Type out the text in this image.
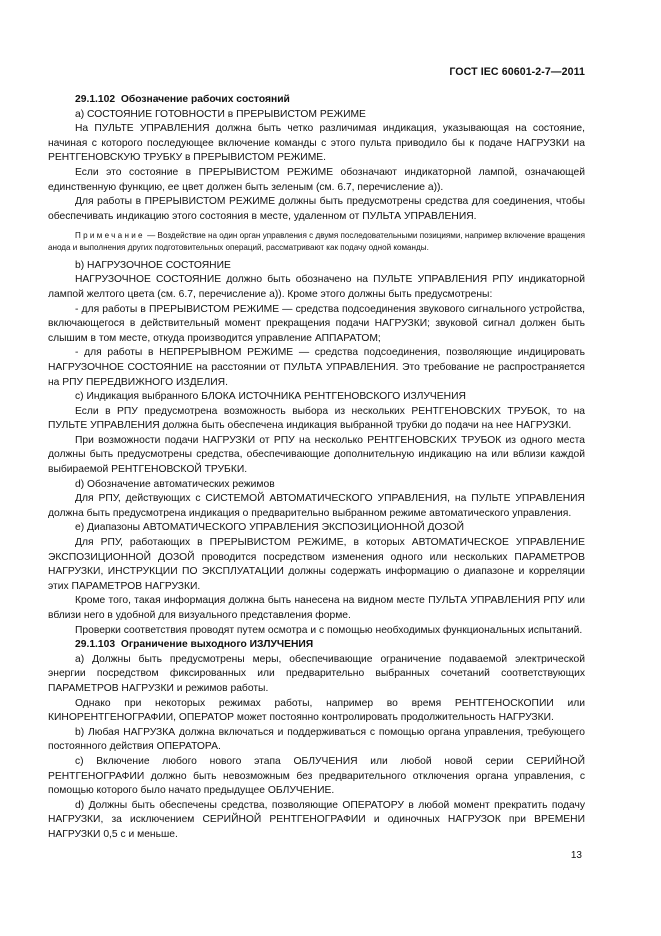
ГОСТ IEC 60601-2-7—2011

29.1.102 Обозначение рабочих состояний

а) СОСТОЯНИЕ ГОТОВНОСТИ в ПРЕРЫВИСТОМ РЕЖИМЕ

На ПУЛЬТЕ УПРАВЛЕНИЯ должна быть четко различимая индикация, указывающая на состояние, начиная с которого последующее включение команды с этого пульта приводило бы к подаче НАГРУЗКИ на РЕНТГЕНОВСКУЮ ТРУБКУ в ПРЕРЫВИСТОМ РЕЖИМЕ.

Если это состояние в ПРЕРЫВИСТОМ РЕЖИМЕ обозначают индикаторной лампой, означающей единственную функцию, ее цвет должен быть зеленым (см. 6.7, перечисление а)).

Для работы в ПРЕРЫВИСТОМ РЕЖИМЕ должны быть предусмотрены средства для соединения, чтобы обеспечивать индикацию этого состояния в месте, удаленном от ПУЛЬТА УПРАВЛЕНИЯ.

Примечание — Воздействие на один орган управления с двумя последовательными позициями, например включение вращения анода и выполнения других подготовительных операций, рассматривают как подачу одной команды.

b) НАГРУЗОЧНОЕ СОСТОЯНИЕ

НАГРУЗОЧНОЕ СОСТОЯНИЕ должно быть обозначено на ПУЛЬТЕ УПРАВЛЕНИЯ РПУ индикаторной лампой желтого цвета (см. 6.7, перечисление а)). Кроме этого должны быть предусмотрены:

- для работы в ПРЕРЫВИСТОМ РЕЖИМЕ — средства подсоединения звукового сигнального устройства, включающегося в действительный момент прекращения подачи НАГРУЗКИ; звуковой сигнал должен быть слышим в том месте, откуда производится управление АППАРАТОМ;

- для работы в НЕПРЕРЫВНОМ РЕЖИМЕ — средства подсоединения, позволяющие индицировать НАГРУЗОЧНОЕ СОСТОЯНИЕ на расстоянии от ПУЛЬТА УПРАВЛЕНИЯ. Это требование не распространяется на РПУ ПЕРЕДВИЖНОГО ИЗДЕЛИЯ.

c) Индикация выбранного БЛОКА ИСТОЧНИКА РЕНТГЕНОВСКОГО ИЗЛУЧЕНИЯ

Если в РПУ предусмотрена возможность выбора из нескольких РЕНТГЕНОВСКИХ ТРУБОК, то на ПУЛЬТЕ УПРАВЛЕНИЯ должна быть обеспечена индикация выбранной трубки до подачи на нее НАГРУЗКИ.

При возможности подачи НАГРУЗКИ от РПУ на несколько РЕНТГЕНОВСКИХ ТРУБОК из одного места должны быть предусмотрены средства, обеспечивающие дополнительную индикацию на или вблизи каждой выбираемой РЕНТГЕНОВСКОЙ ТРУБКИ.

d) Обозначение автоматических режимов

Для РПУ, действующих с СИСТЕМОЙ АВТОМАТИЧЕСКОГО УПРАВЛЕНИЯ, на ПУЛЬТЕ УПРАВЛЕНИЯ должна быть предусмотрена индикация о предварительно выбранном режиме автоматического управления.

e) Диапазоны АВТОМАТИЧЕСКОГО УПРАВЛЕНИЯ ЭКСПОЗИЦИОННОЙ ДОЗОЙ

Для РПУ, работающих в ПРЕРЫВИСТОМ РЕЖИМЕ, в которых АВТОМАТИЧЕСКОЕ УПРАВЛЕНИЕ ЭКСПОЗИЦИОННОЙ ДОЗОЙ проводится посредством изменения одного или нескольких ПАРАМЕТРОВ НАГРУЗКИ, ИНСТРУКЦИИ ПО ЭКСПЛУАТАЦИИ должны содержать информацию о диапазоне и корреляции этих ПАРАМЕТРОВ НАГРУЗКИ.

Кроме того, такая информация должна быть нанесена на видном месте ПУЛЬТА УПРАВЛЕНИЯ РПУ или вблизи него в удобной для визуального представления форме.

Проверки соответствия проводят путем осмотра и с помощью необходимых функциональных испытаний.

29.1.103 Ограничение выходного ИЗЛУЧЕНИЯ

а) Должны быть предусмотрены меры, обеспечивающие ограничение подаваемой электрической энергии посредством фиксированных или предварительно выбранных сочетаний соответствующих ПАРАМЕТРОВ НАГРУЗКИ и режимов работы.

Однако при некоторых режимах работы, например во время РЕНТГЕНОСКОПИИ или КИНОРЕНТГЕНОГРАФИИ, ОПЕРАТОР может постоянно контролировать продолжительность НАГРУЗКИ.

b) Любая НАГРУЗКА должна включаться и поддерживаться с помощью органа управления, требующего постоянного действия ОПЕРАТОРА.

c) Включение любого нового этапа ОБЛУЧЕНИЯ или любой новой серии СЕРИЙНОЙ РЕНТГЕНОГРАФИИ должно быть невозможным без предварительного отключения органа управления, с помощью которого было начато предыдущее ОБЛУЧЕНИЕ.

d) Должны быть обеспечены средства, позволяющие ОПЕРАТОРУ в любой момент прекратить подачу НАГРУЗКИ, за исключением СЕРИЙНОЙ РЕНТГЕНОГРАФИИ и одиночных НАГРУЗОК при ВРЕМЕНИ НАГРУЗКИ 0,5 с и меньше.

13
